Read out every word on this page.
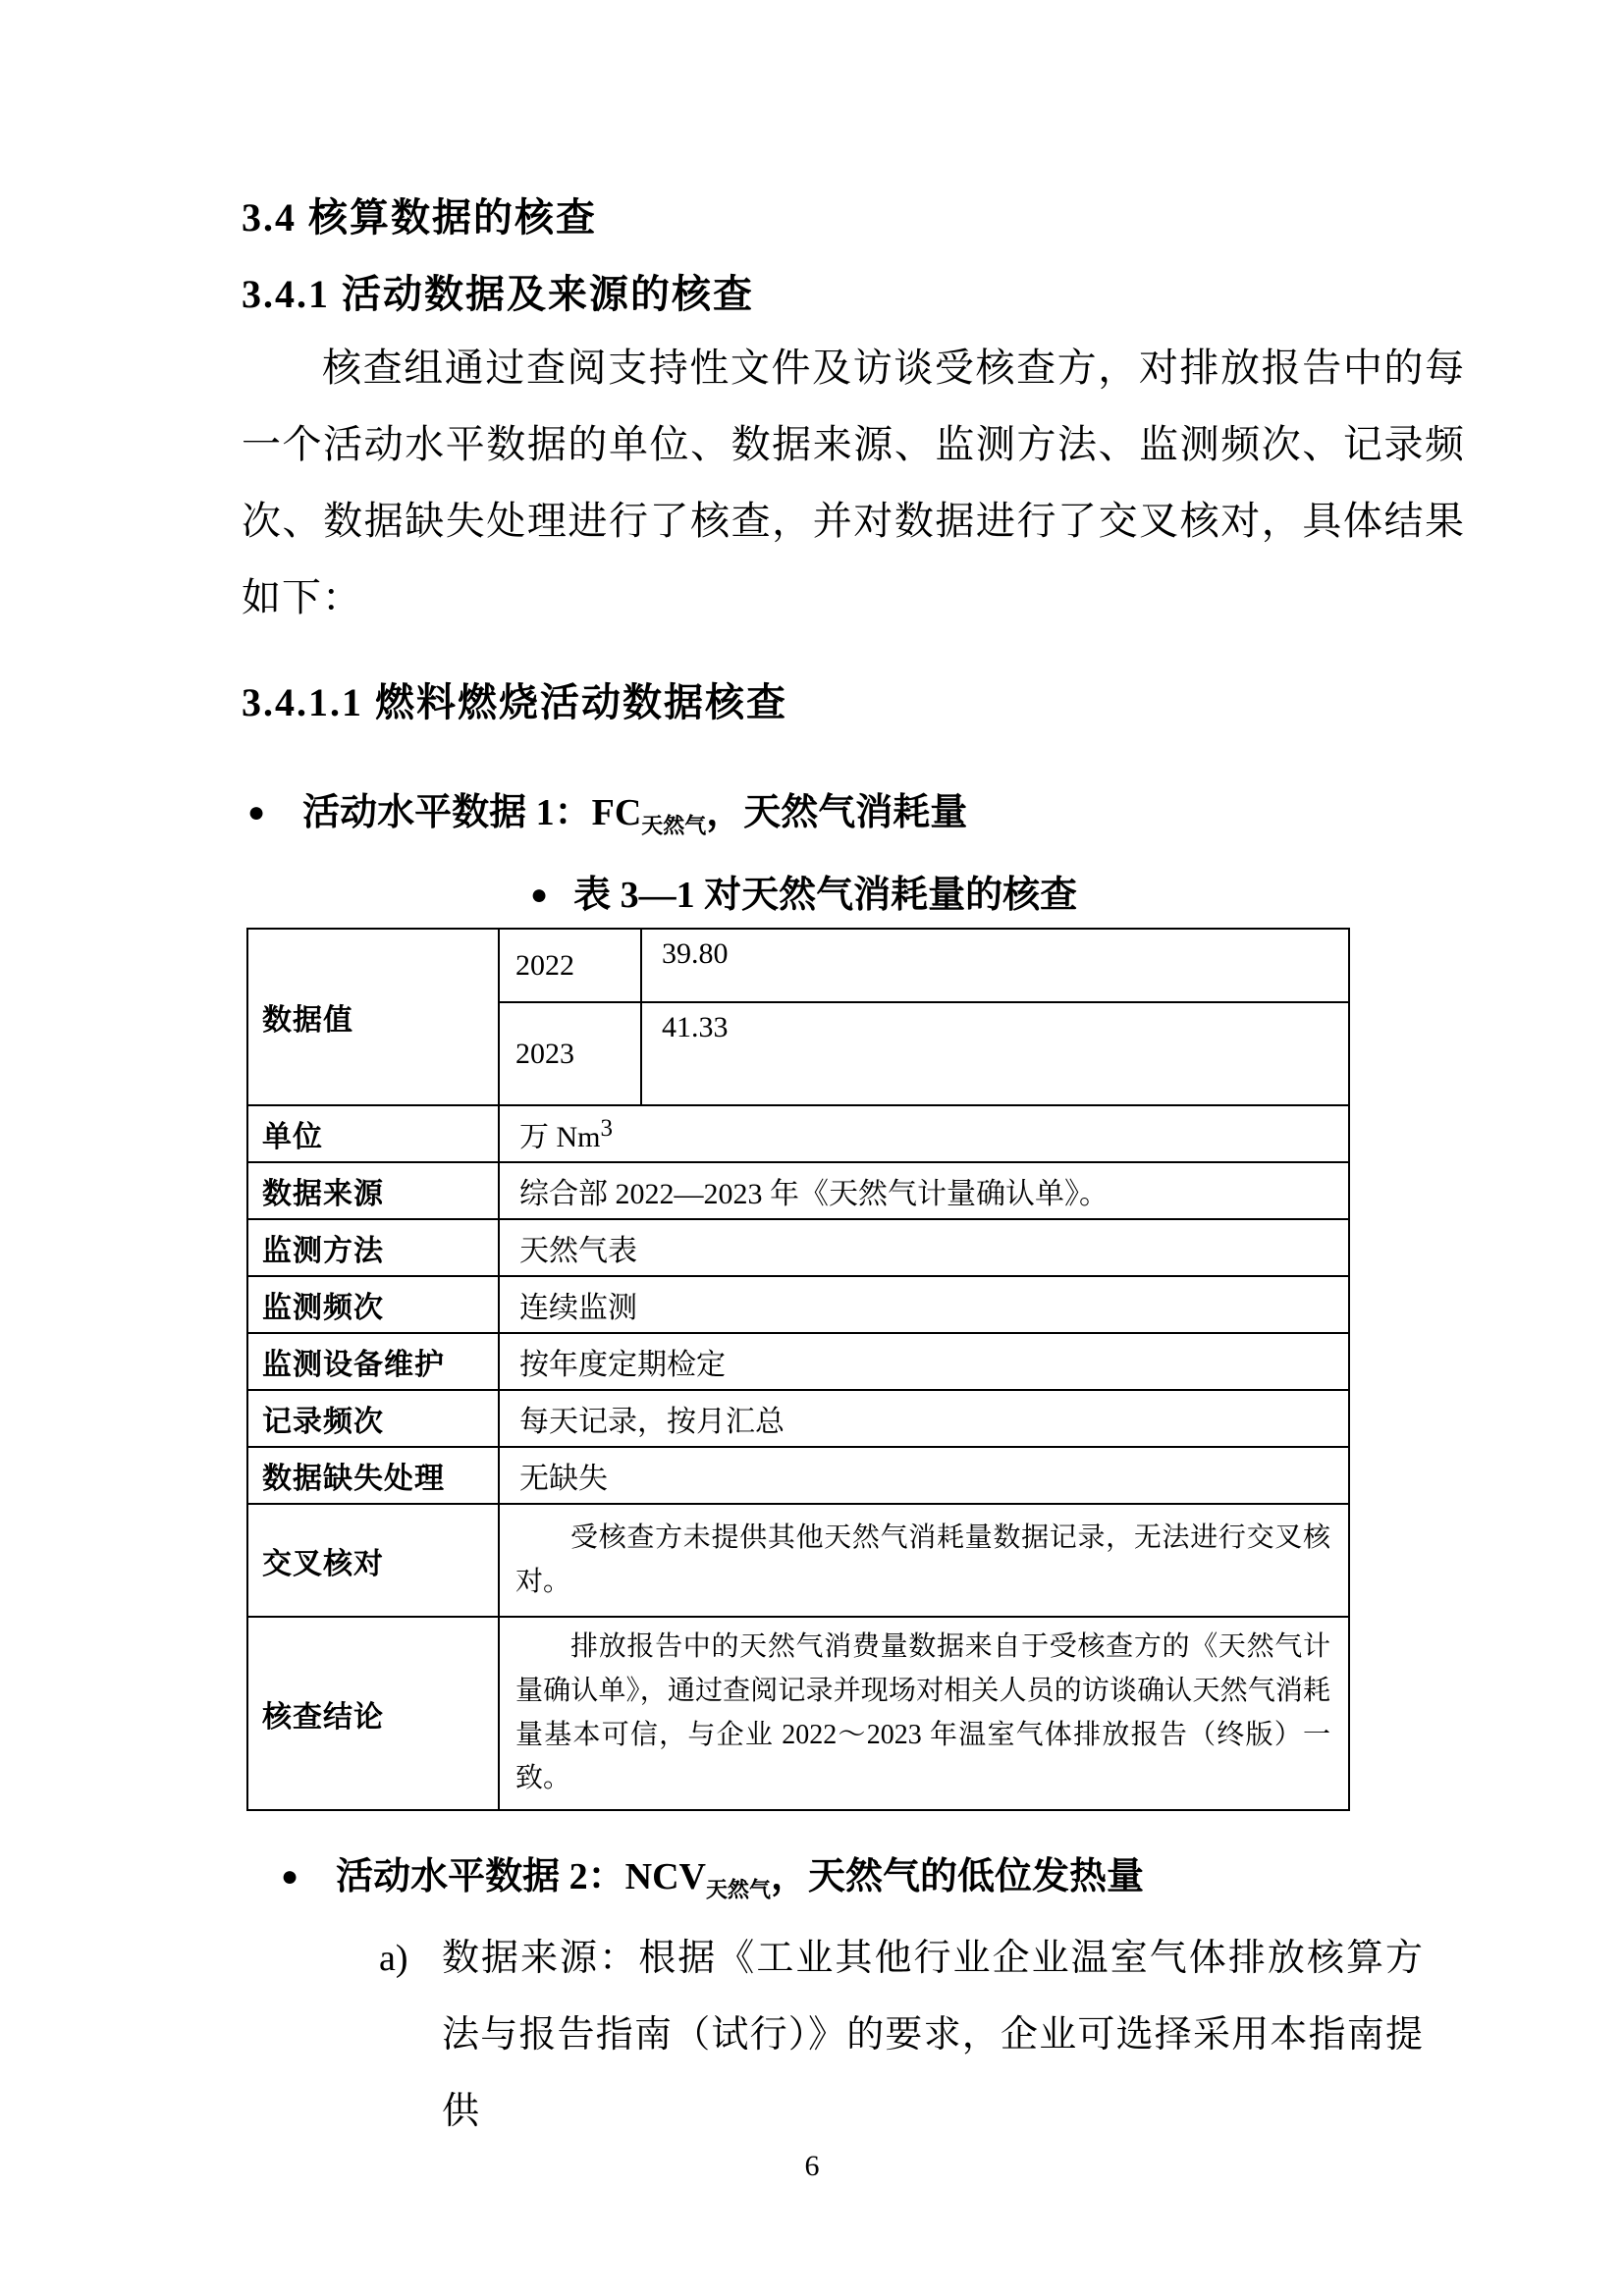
3.4 核算数据的核查
3.4.1 活动数据及来源的核查
核查组通过查阅支持性文件及访谈受核查方，对排放报告中的每一个活动水平数据的单位、数据来源、监测方法、监测频次、记录频次、数据缺失处理进行了核查，并对数据进行了交叉核对，具体结果如下：
3.4.1.1 燃料燃烧活动数据核查
● 活动水平数据 1：$FC_{天然气}$，天然气消耗量
● 表 3—1 对天然气消耗量的核查
数据值	2022	39.80
	2023	41.33
单位	万 Nm$^3$
数据来源	综合部 2022—2023 年《天然气计量确认单》。	
监测方法	天然气表	
监测频次	连续监测	
监测设备维护	按年度定期检定	
记录频次	每天记录，按月汇总	
数据缺失处理	无缺失	
交叉核对	受核查方未提供其他天然气消耗量数据记录，无法进行交叉核对。	
核查结论	排放报告中的天然气消费量数据来自于受核查方的《天然气计量确认单》，通过查阅记录并现场对相关人员的访谈确认天然气消耗量基本可信，与企业 2022～2023 年温室气体排放报告（终版）一致。	
● 活动水平数据 2：$NCV_{天然气}$，天然气的低位发热量
a) 数据来源：根据《工业其他行业企业温室气体排放核算方法与报告指南（试行）》的要求，企业可选择采用本指南提供
6
